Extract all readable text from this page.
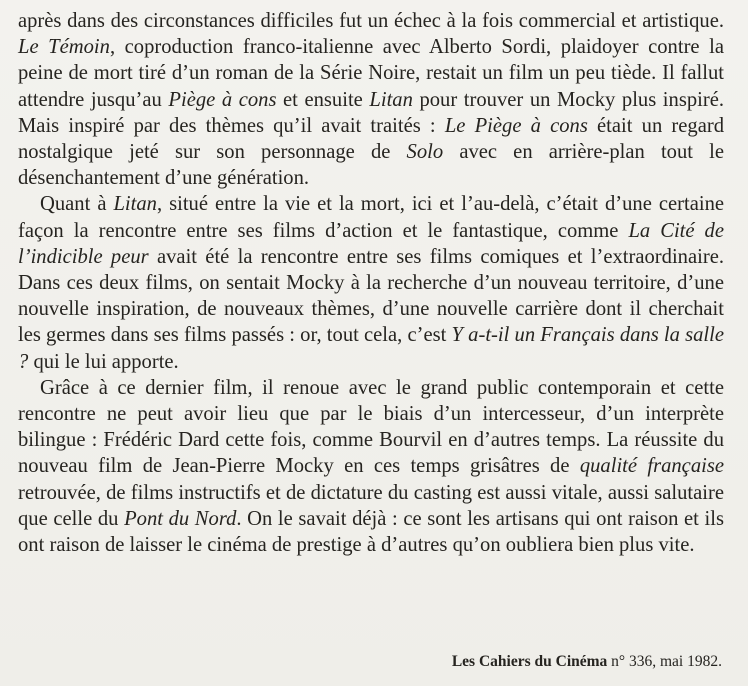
après dans des circonstances difficiles fut un échec à la fois commercial et artistique. Le Témoin, coproduction franco-italienne avec Alberto Sordi, plaidoyer contre la peine de mort tiré d’un roman de la Série Noire, restait un film un peu tiède. Il fallut attendre jusqu’au Piège à cons et ensuite Litan pour trouver un Mocky plus inspiré. Mais inspiré par des thèmes qu’il avait traités : Le Piège à cons était un regard nostalgique jeté sur son personnage de Solo avec en arrière-plan tout le désenchantement d’une génération.

Quant à Litan, situé entre la vie et la mort, ici et l’au-delà, c’était d’une certaine façon la rencontre entre ses films d’action et le fantastique, comme La Cité de l’indicible peur avait été la rencontre entre ses films comiques et l’extraordinaire. Dans ces deux films, on sentait Mocky à la recherche d’un nouveau territoire, d’une nouvelle inspiration, de nouveaux thèmes, d’une nouvelle carrière dont il cherchait les germes dans ses films passés : or, tout cela, c’est Y a-t-il un Français dans la salle ? qui le lui apporte.

Grâce à ce dernier film, il renoue avec le grand public contemporain et cette rencontre ne peut avoir lieu que par le biais d’un intercesseur, d’un interprète bilingue : Frédéric Dard cette fois, comme Bourvil en d’autres temps. La réussite du nouveau film de Jean-Pierre Mocky en ces temps grisâtres de qualité française retrouvée, de films instructifs et de dictature du casting est aussi vitale, aussi salutaire que celle du Pont du Nord. On le savait déjà : ce sont les artisans qui ont raison et ils ont raison de laisser le cinéma de prestige à d’autres qu’on oubliera bien plus vite.

Les Cahiers du Cinéma n° 336, mai 1982.
